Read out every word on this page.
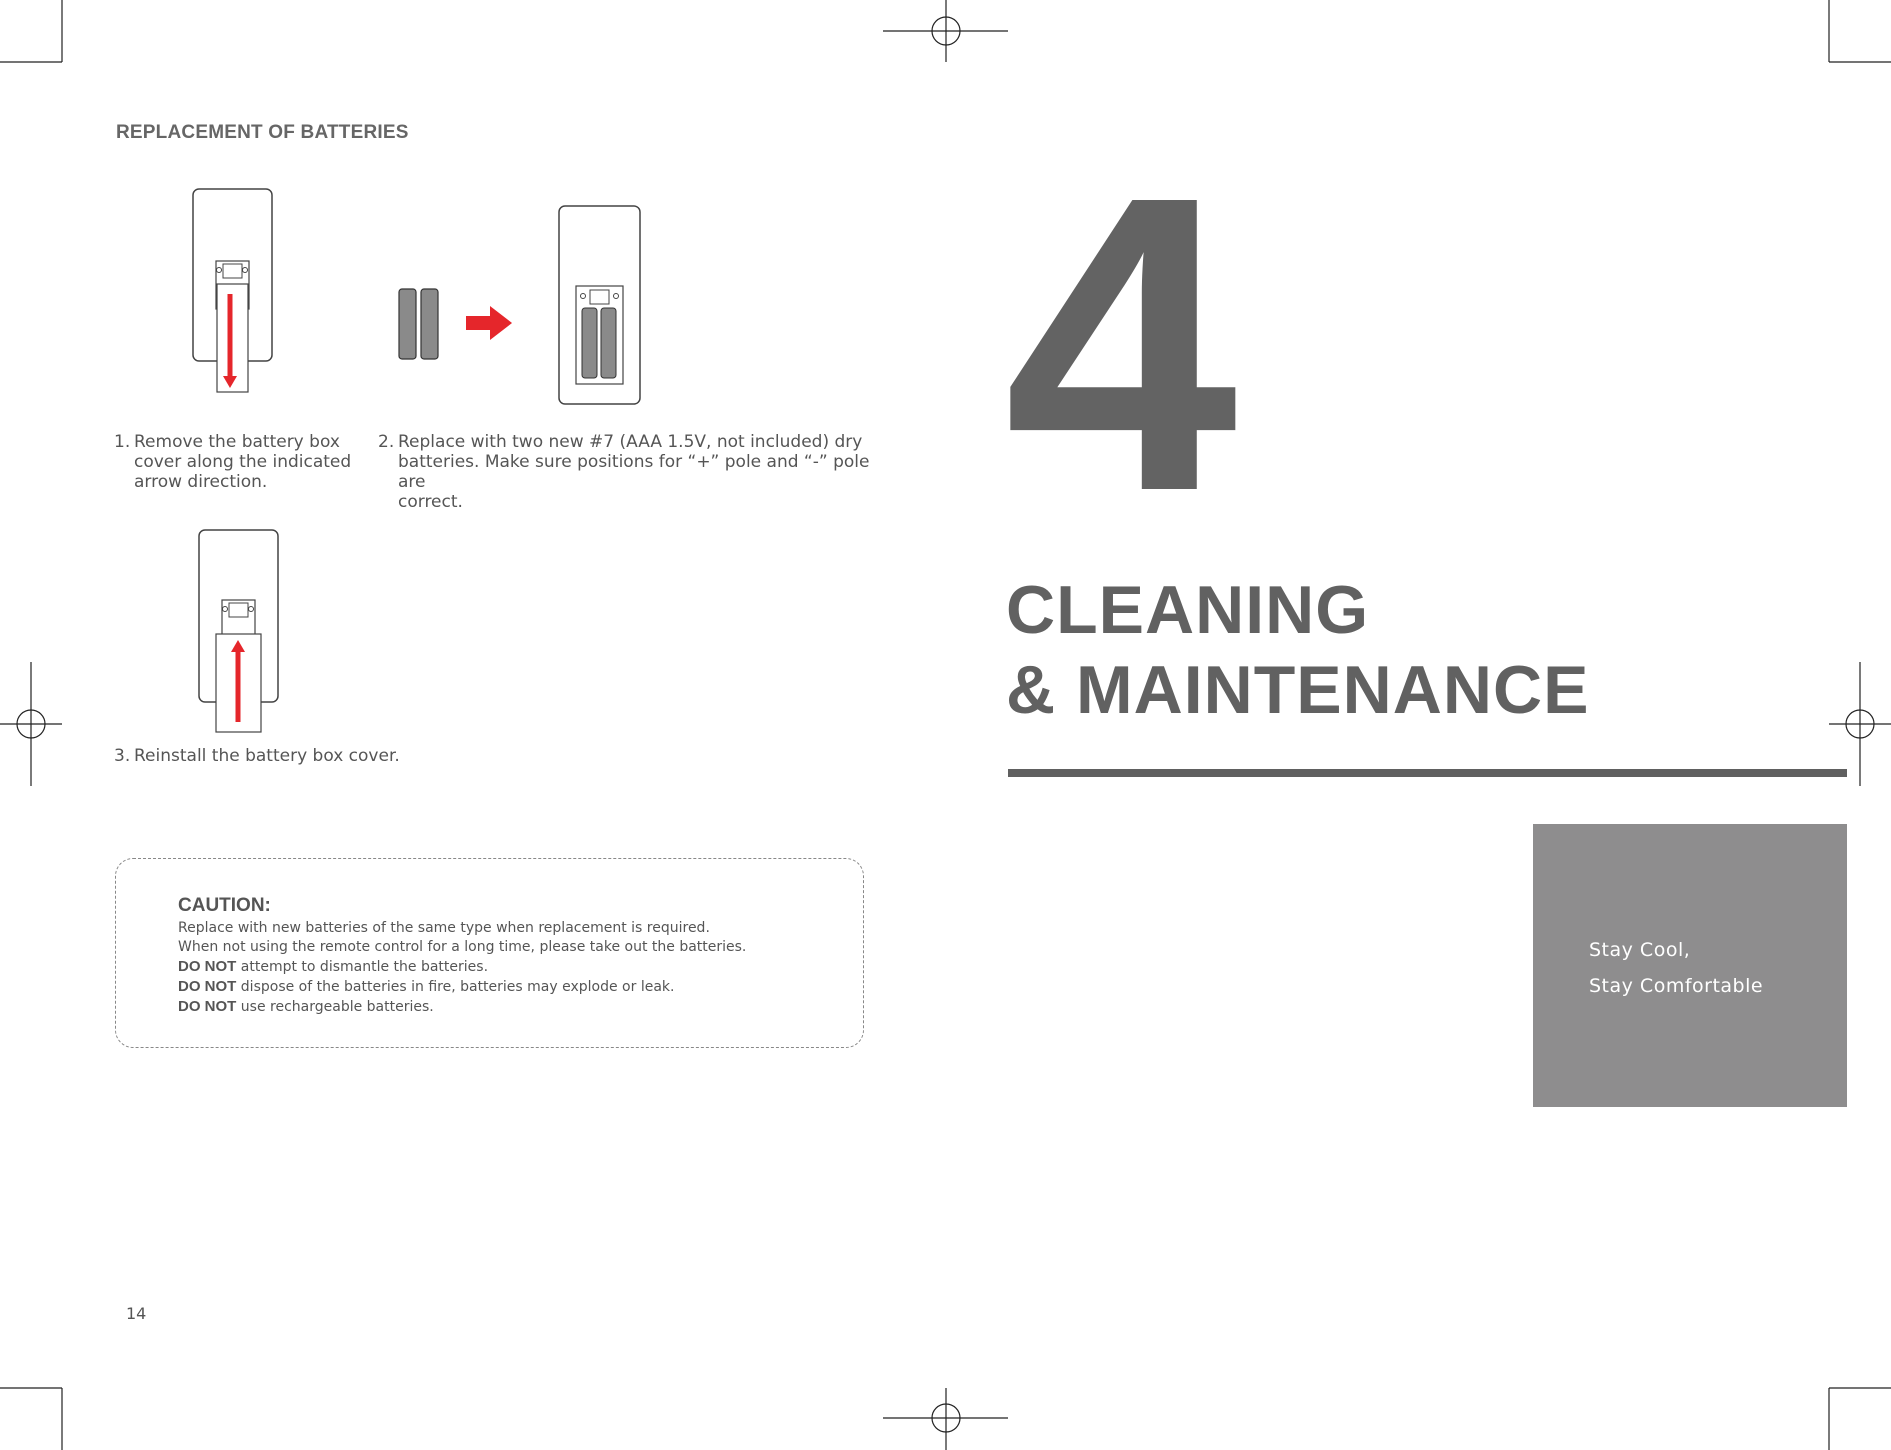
REPLACEMENT OF BATTERIES
1. Remove the battery box
cover along the indicated
arrow direction.
2. Replace with two new #7 (AAA 1.5V, not included) dry
batteries. Make sure positions for “+” pole and “-” pole are
correct.
3. Reinstall the battery box cover.
CAUTION:
Replace with new batteries of the same type when replacement is required.
When not using the remote control for a long time, please take out the batteries.
DO NOT attempt to dismantle the batteries.
DO NOT dispose of the batteries in fire, batteries may explode or leak.
DO NOT use rechargeable batteries.
14
4
CLEANING
& MAINTENANCE
Stay Cool,
Stay Comfortable
